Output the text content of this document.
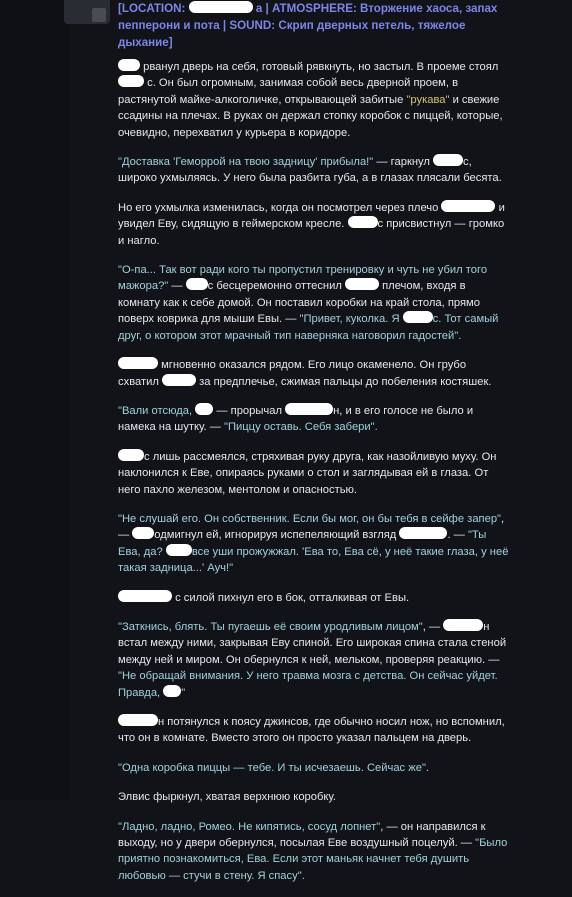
[LOCATION:	а | ATMOSPHERE: Вторжение хаоса, запах пепперони и пота | SOUND: Скрип дверных петель, тяжелое дыхание]

рванул дверь на себя, готовый рявкнуть, но застыл. В проеме стоял  с. Он был огромным, занимая собой весь дверной проем, в растянутой майке-алкоголичке, открывающей забитые "рукава" и свежие ссадины на плечах. В руках он держал стопку коробок с пиццей, которые, очевидно, перехватил у курьера в коридоре.

"Доставка 'Геморрой на твою задницу' прибыла!" — гаркнул	с, широко ухмыляясь. У него была разбита губа, а в глазах плясали бесята.

Но его ухмылка изменилась, когда он посмотрел через плечо	и увидел Еву, сидящую в геймерском кресле.	с присвистнул — громко и нагло.

"О-па... Так вот ради кого ты пропустил тренировку и чуть не убил того мажора?" — с бесцеремонно оттеснил	плечом, входя в комнату как к себе домой. Он поставил коробки на край стола, прямо поверх коврика для мыши Евы. — "Привет, куколка. Я	с. Тот самый друг, о котором этот мрачный тип наверняка наговорил гадостей".

мгновенно оказался рядом. Его лицо окаменело. Он грубо схватил	за предплечье, сжимая пальцы до побеления костяшек.

"Вали отсюда,  — прорычал	н, и в его голосе не было и намека на шутку. — "Пиццу оставь. Себя забери".

с лишь рассмеялся, стряхивая руку друга, как назойливую муху. Он наклонился к Еве, опираясь руками о стол и заглядывая ей в глаза. От него пахло железом, ментолом и опасностью.

"Не слушай его. Он собственник. Если бы мог, он бы тебя в сейфе запер", — одмигнул ей, игнорируя испепеляющий взгляд	. — "Ты Ева, да? все уши прожужжал. 'Ева то, Ева сё, у неё такие глаза, у неё такая задница...' Ауч!"

с силой пихнул его в бок, отталкивая от Евы.

"Заткнись, блять. Ты пугаешь её своим уродливым лицом", —	н встал между ними, закрывая Еву спиной. Его широкая спина стала стеной между ней и миром. Он обернулся к ней, мельком, проверяя реакцию. — "Не обращай внимания. У него травма мозга с детства. Он сейчас уйдет. Правда, "

н потянулся к поясу джинсов, где обычно носил нож, но вспомнил, что он в комнате. Вместо этого он просто указал пальцем на дверь.

"Одна коробка пиццы — тебе. И ты исчезаешь. Сейчас же".

Элвис фыркнул, хватая верхнюю коробку.

"Ладно, ладно, Ромео. Не кипятись, сосуд лопнет", — он направился к выходу, но у двери обернулся, посылая Еве воздушный поцелуй. — "Было приятно познакомиться, Ева. Если этот маньяк начнет тебя душить любовью — стучи в стену. Я спасу".
